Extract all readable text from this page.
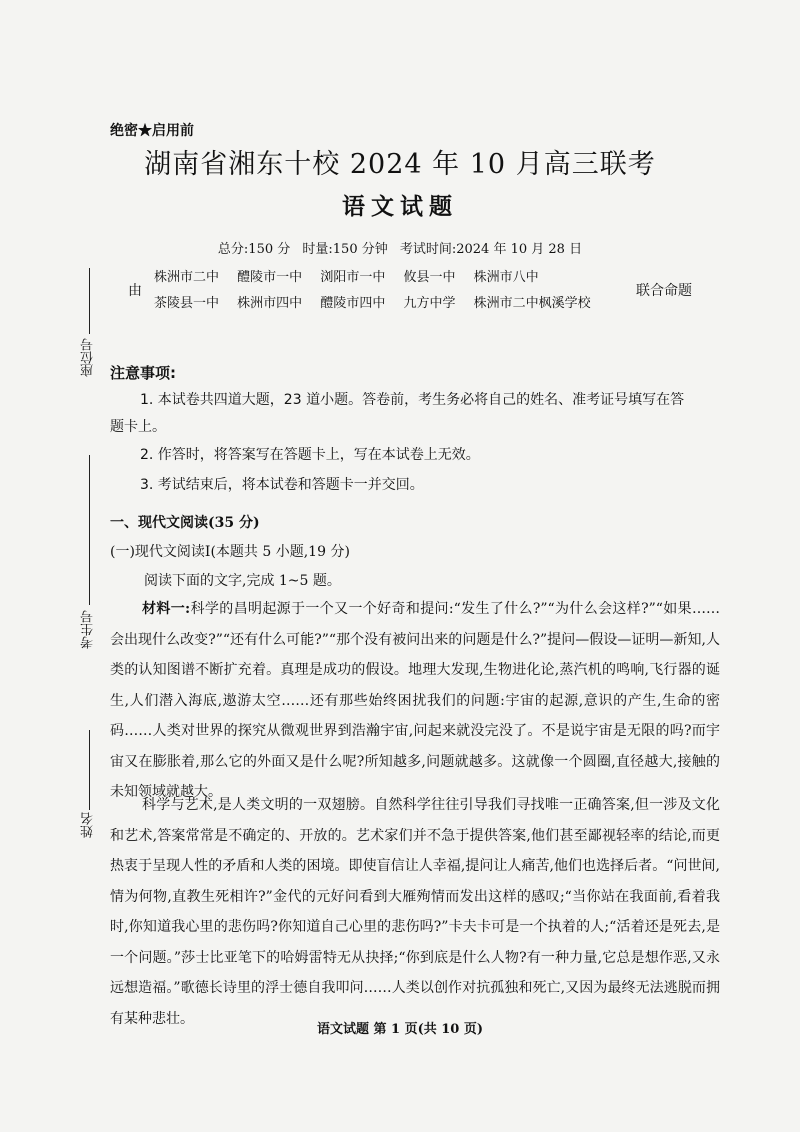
绝密★启用前
湖南省湘东十校 2024 年 10 月高三联考
语文试题
总分:150 分 时量:150 分钟 考试时间:2024 年 10 月 28 日
由
株洲市二中 醴陵市一中 浏阳市一中 攸县一中 株洲市八中
茶陵县一中 株洲市四中 醴陵市四中 九方中学 株洲市二中枫溪学校
联合命题
座位号
考生号
姓名
注意事项:
1. 本试卷共四道大题，23 道小题。答卷前，考生务必将自己的姓名、准考证号填写在答
题卡上。
2. 作答时，将答案写在答题卡上，写在本试卷上无效。
3. 考试结束后，将本试卷和答题卡一并交回。
一、现代文阅读(35 分)
(一)现代文阅读Ⅰ(本题共 5 小题,19 分)
阅读下面的文字,完成 1~5 题。
材料一:科学的昌明起源于一个又一个好奇和提问:“发生了什么?”“为什么会这样?”“如果……会出现什么改变?”“还有什么可能?”“那个没有被问出来的问题是什么?”提问—假设—证明—新知,人类的认知图谱不断扩充着。真理是成功的假设。地理大发现,生物进化论,蒸汽机的鸣响,飞行器的诞生,人们潜入海底,遨游太空……还有那些始终困扰我们的问题:宇宙的起源,意识的产生,生命的密码……人类对世界的探究从微观世界到浩瀚宇宙,问起来就没完没了。不是说宇宙是无限的吗?而宇宙又在膨胀着,那么它的外面又是什么呢?所知越多,问题就越多。这就像一个圆圈,直径越大,接触的未知领域就越大。
科学与艺术,是人类文明的一双翅膀。自然科学往往引导我们寻找唯一正确答案,但一涉及文化和艺术,答案常常是不确定的、开放的。艺术家们并不急于提供答案,他们甚至鄙视轻率的结论,而更热衷于呈现人性的矛盾和人类的困境。即使盲信让人幸福,提问让人痛苦,他们也选择后者。“问世间,情为何物,直教生死相许?”金代的元好问看到大雁殉情而发出这样的感叹;“当你站在我面前,看着我时,你知道我心里的悲伤吗?你知道自己心里的悲伤吗?”卡夫卡可是一个执着的人;“活着还是死去,是一个问题。”莎士比亚笔下的哈姆雷特无从抉择;“你到底是什么人物?有一种力量,它总是想作恶,又永远想造福。”歌德长诗里的浮士德自我叩问……人类以创作对抗孤独和死亡,又因为最终无法逃脱而拥有某种悲壮。
语文试题 第 1 页(共 10 页)
